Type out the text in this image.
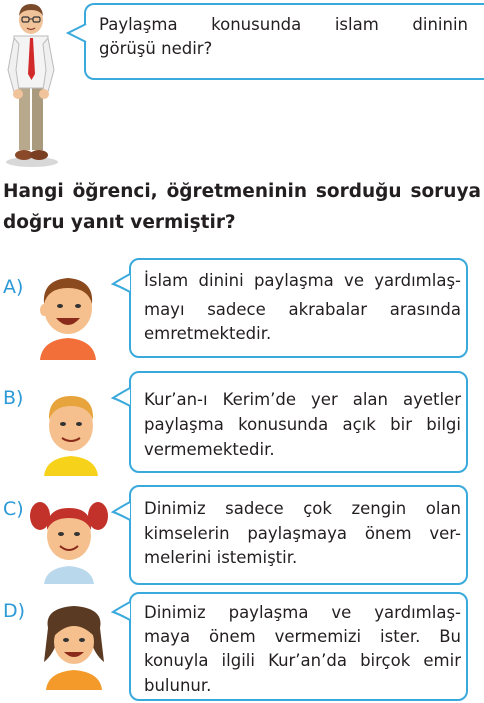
Paylaşma konusunda islam dininin
görüşü nedir?
Hangi öğrenci, öğretmeninin sorduğu soruya
doğru yanıt vermiştir?
A)	İslam dinini paylaşma ve yardımlaş-
mayı sadece akrabalar arasında
emretmektedir.
B)	Kur’an-ı Kerim’de yer alan ayetler
paylaşma konusunda açık bir bilgi
vermemektedir.
C)	Dinimiz sadece çok zengin olan
kimselerin paylaşmaya önem ver-
melerini istemiştir.
D)	Dinimiz paylaşma ve yardımlaş-
maya önem vermemizi ister. Bu
konuyla ilgili Kur’an’da birçok emir
bulunur.
